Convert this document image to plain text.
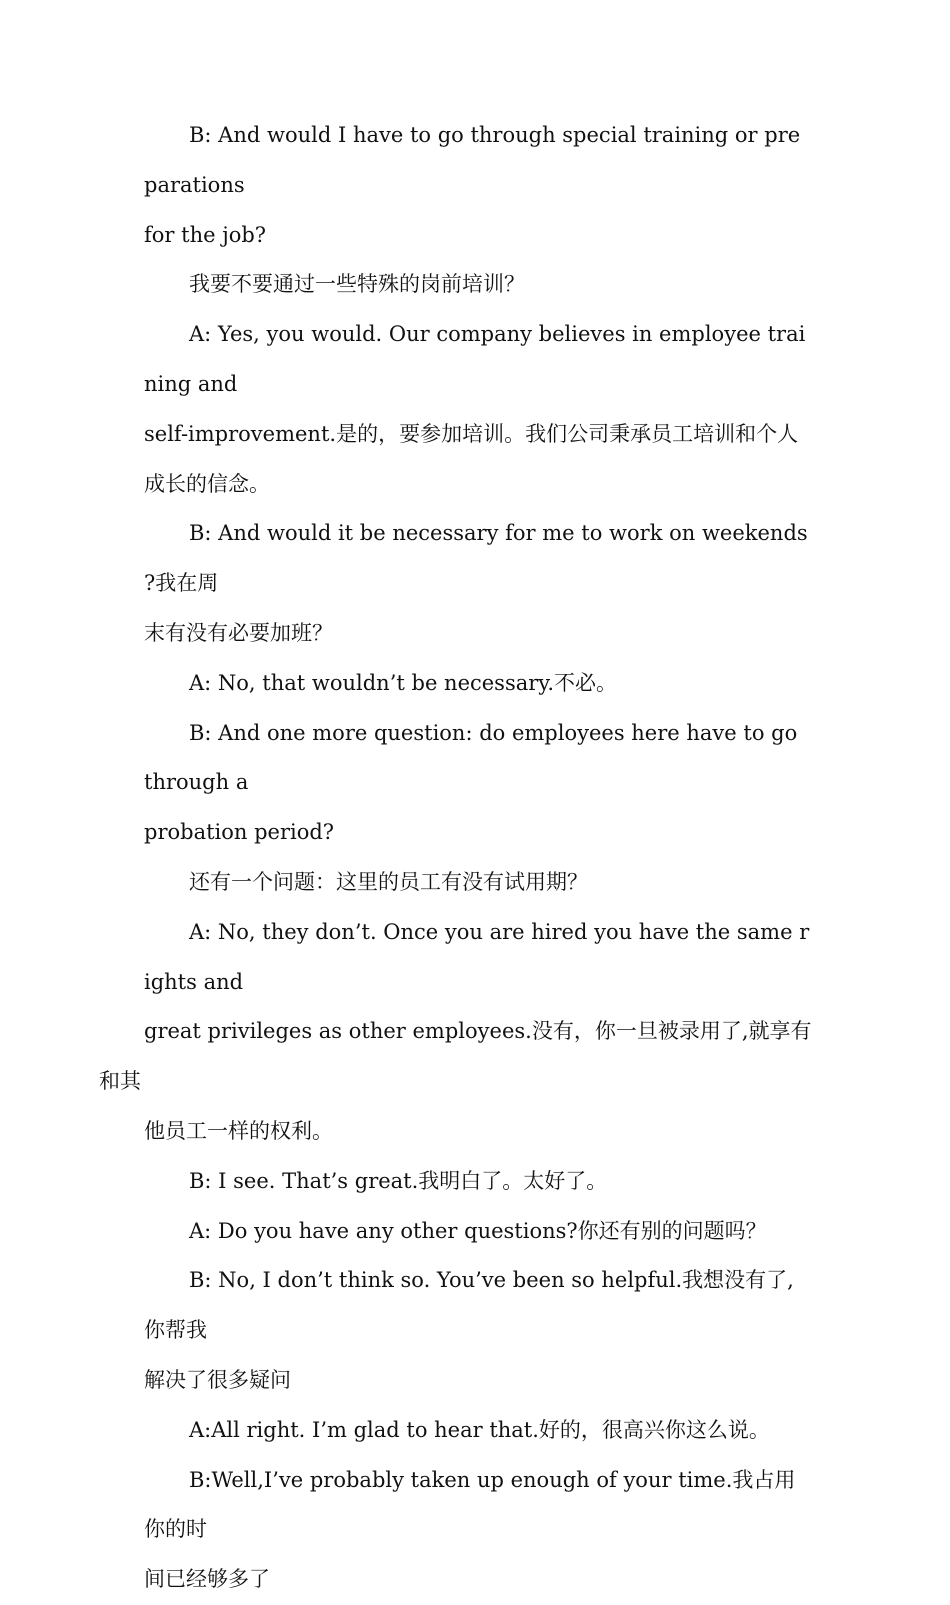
B: And would I have to go through special training or preparations
for the job?

我要不要通过一些特殊的岗前培训？

A: Yes, you would. Our company believes in employee training and
self-improvement.是的，要参加培训。我们公司秉承员工培训和个人
成长的信念。

B: And would it be necessary for me to work on weekends?我在周
末有没有必要加班？

A: No, that wouldn’t be necessary.不必。

B: And one more question: do employees here have to go through a
probation period?

还有一个问题：这里的员工有没有试用期？

A: No, they don’t. Once you are hired you have the same rights and
great privileges as other employees.没有，你一旦被录用了,就享有和其
他员工一样的权利。

B: I see. That’s great.我明白了。太好了。

A: Do you have any other questions?你还有别的问题吗？

B: No, I don’t think so. You’ve been so helpful.我想没有了,你帮我
解决了很多疑问

A:All right. I’m glad to hear that.好的，很高兴你这么说。

B:Well,I’ve probably taken up enough of your time.我占用你的时
间已经够多了
